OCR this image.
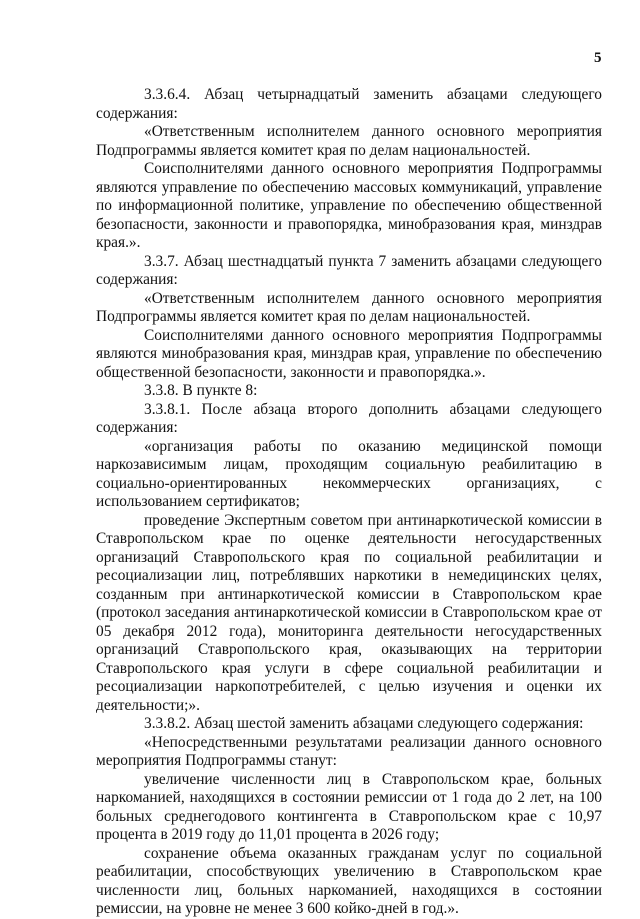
5

3.3.6.4. Абзац четырнадцатый заменить абзацами следующего содержания:

«Ответственным исполнителем данного основного мероприятия Подпрограммы является комитет края по делам национальностей.

Соисполнителями данного основного мероприятия Подпрограммы являются управление по обеспечению массовых коммуникаций, управление по информационной политике, управление по обеспечению общественной безопасности, законности и правопорядка, минобразования края, минздрав края.».

3.3.7. Абзац шестнадцатый пункта 7 заменить абзацами следующего содержания:

«Ответственным исполнителем данного основного мероприятия Подпрограммы является комитет края по делам национальностей.

Соисполнителями данного основного мероприятия Подпрограммы являются минобразования края, минздрав края, управление по обеспечению общественной безопасности, законности и правопорядка.».

3.3.8. В пункте 8:

3.3.8.1. После абзаца второго дополнить абзацами следующего содержания:

«организация работы по оказанию медицинской помощи наркозависимым лицам, проходящим социальную реабилитацию в социально-ориентированных некоммерческих организациях, с использованием сертификатов;

проведение Экспертным советом при антинаркотической комиссии в Ставропольском крае по оценке деятельности негосударственных организаций Ставропольского края по социальной реабилитации и ресоциализации лиц, потреблявших наркотики в немедицинских целях, созданным при антинаркотической комиссии в Ставропольском крае (протокол заседания антинаркотической комиссии в Ставропольском крае от 05 декабря 2012 года), мониторинга деятельности негосударственных организаций Ставропольского края, оказывающих на территории Ставропольского края услуги в сфере социальной реабилитации и ресоциализации наркопотребителей, с целью изучения и оценки их деятельности;».

3.3.8.2. Абзац шестой заменить абзацами следующего содержания:

«Непосредственными результатами реализации данного основного мероприятия Подпрограммы станут:

увеличение численности лиц в Ставропольском крае, больных наркоманией, находящихся в состоянии ремиссии от 1 года до 2 лет, на 100 больных среднегодового контингента в Ставропольском крае с 10,97 процента в 2019 году до 11,01 процента в 2026 году;

сохранение объема оказанных гражданам услуг по социальной реабилитации, способствующих увеличению в Ставропольском крае численности лиц, больных наркоманией, находящихся в состоянии ремиссии, на уровне не менее 3 600 койко-дней в год.».
